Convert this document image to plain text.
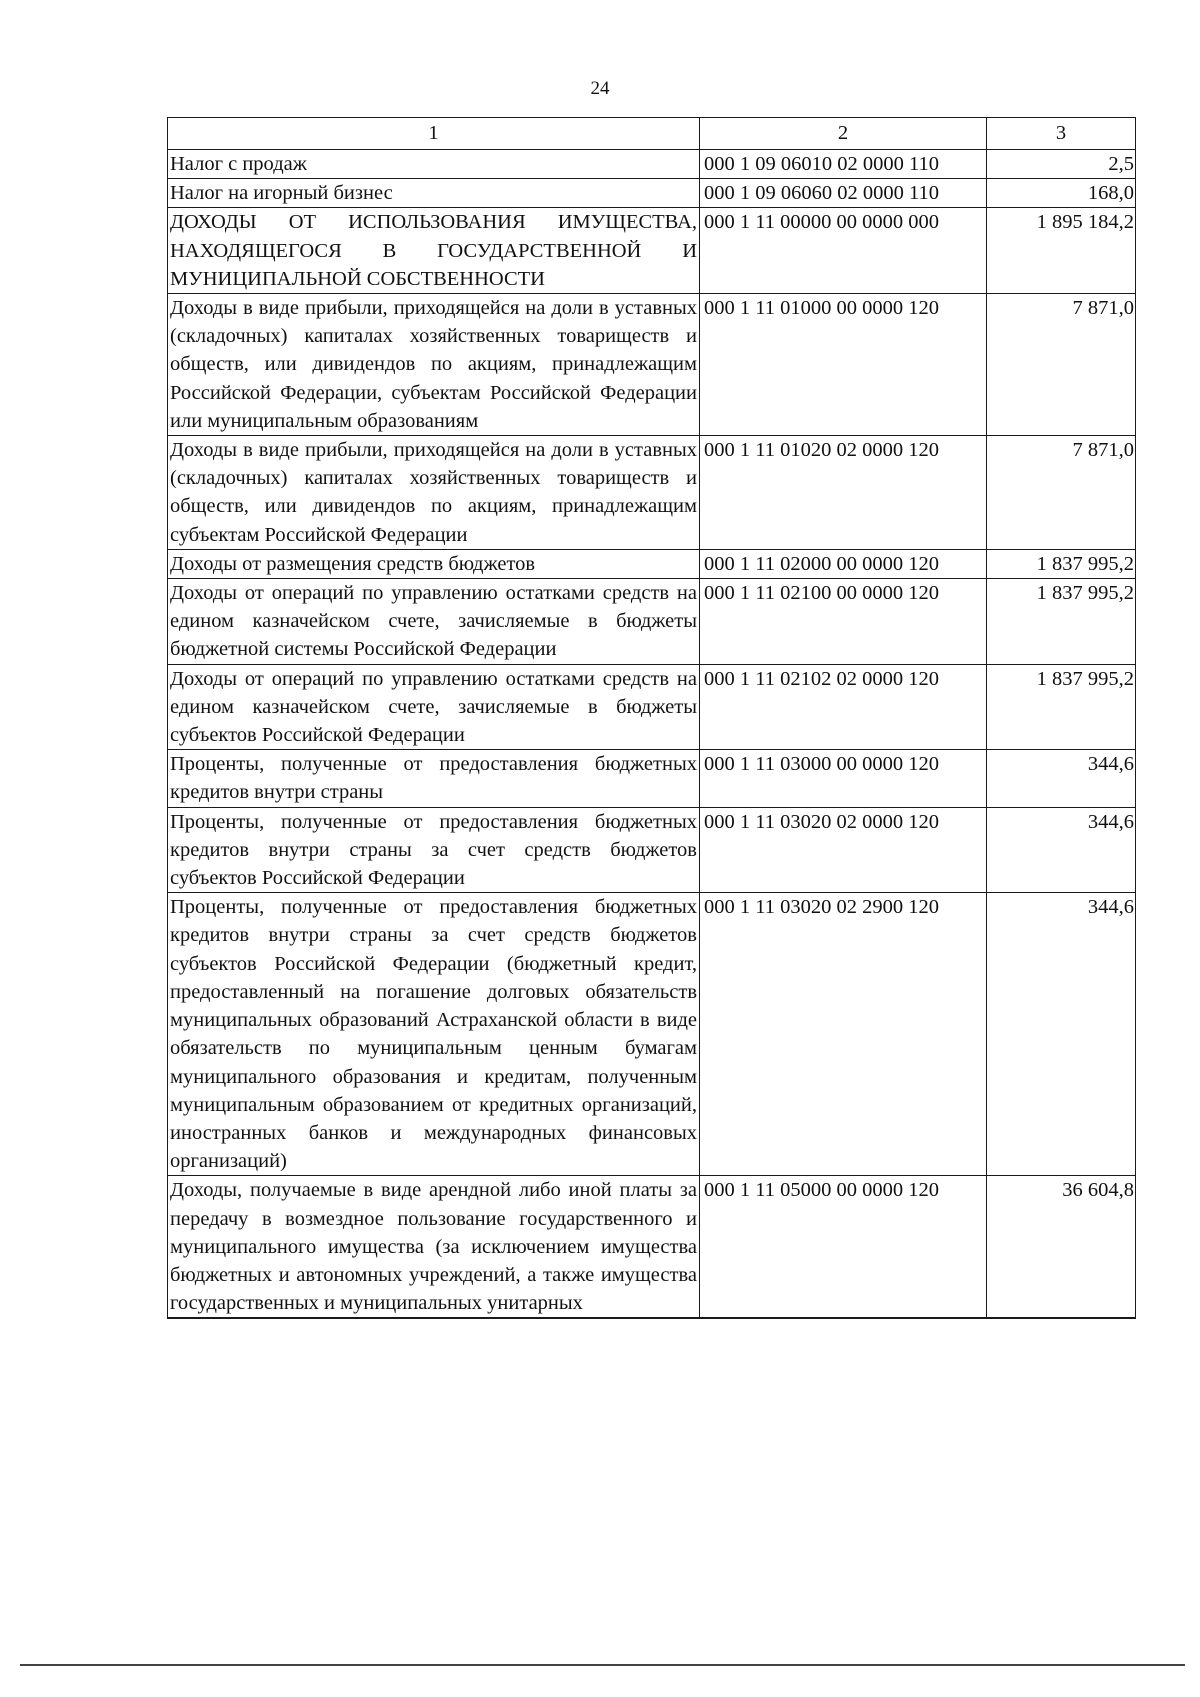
24
1	2	3
Налог с продаж	000 1 09 06010 02 0000 110	2,5
Налог на игорный бизнес	000 1 09 06060 02 0000 110	168,0
ДОХОДЫ ОТ ИСПОЛЬЗОВАНИЯ ИМУЩЕСТВА, НАХОДЯЩЕГОСЯ В ГОСУДАРСТВЕННОЙ И МУНИЦИПАЛЬНОЙ СОБСТВЕННОСТИ	000 1 11 00000 00 0000 000	1 895 184,2
Доходы в виде прибыли, приходящейся на доли в уставных (складочных) капиталах хозяйственных товариществ и обществ, или дивидендов по акциям, принадлежащим Российской Федерации, субъектам Российской Федерации или муниципальным образованиям	000 1 11 01000 00 0000 120	7 871,0
Доходы в виде прибыли, приходящейся на доли в уставных (складочных) капиталах хозяйственных товариществ и обществ, или дивидендов по акциям, принадлежащим субъектам Российской Федерации	000 1 11 01020 02 0000 120	7 871,0
Доходы от размещения средств бюджетов	000 1 11 02000 00 0000 120	1 837 995,2
Доходы от операций по управлению остатками средств на едином казначейском счете, зачисляемые в бюджеты бюджетной системы Российской Федерации	000 1 11 02100 00 0000 120	1 837 995,2
Доходы от операций по управлению остатками средств на едином казначейском счете, зачисляемые в бюджеты субъектов Российской Федерации	000 1 11 02102 02 0000 120	1 837 995,2
Проценты, полученные от предоставления бюджетных кредитов внутри страны	000 1 11 03000 00 0000 120	344,6
Проценты, полученные от предоставления бюджетных кредитов внутри страны за счет средств бюджетов субъектов Российской Федерации	000 1 11 03020 02 0000 120	344,6
Проценты, полученные от предоставления бюджетных кредитов внутри страны за счет средств бюджетов субъектов Российской Федерации (бюджетный кредит, предоставленный на погашение долговых обязательств муниципальных образований Астраханской области в виде обязательств по муниципальным ценным бумагам муниципального образования и кредитам, полученным муниципальным образованием от кредитных организаций, иностранных банков и международных финансовых организаций)	000 1 11 03020 02 2900 120	344,6
Доходы, получаемые в виде арендной либо иной платы за передачу в возмездное пользование государственного и муниципального имущества (за исключением имущества бюджетных и автономных учреждений, а также имущества государственных и муниципальных унитарных	000 1 11 05000 00 0000 120	36 604,8
